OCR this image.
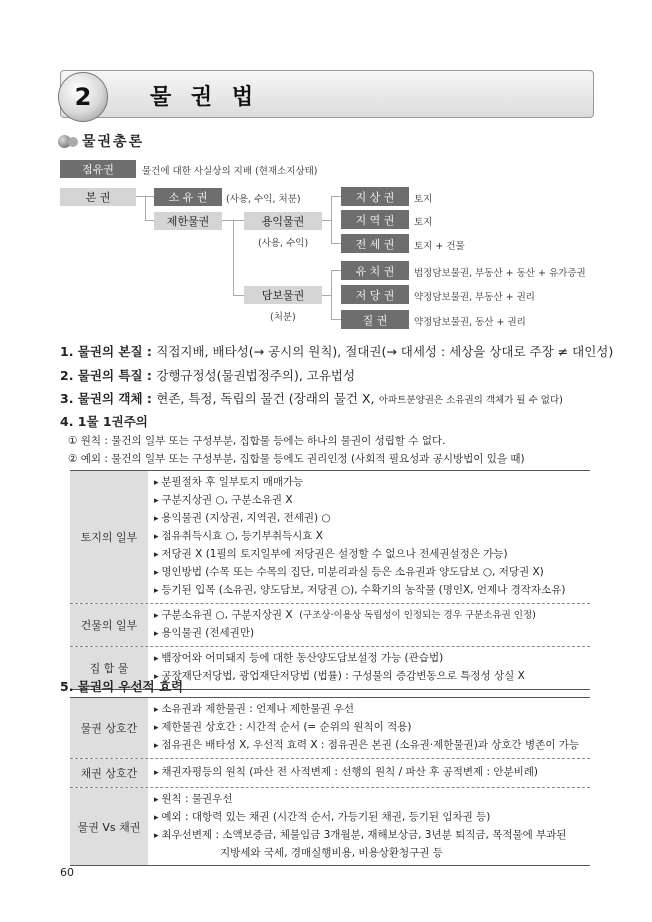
2	물 권 법
물권총론
점유권	물건에 대한 사실상의 지배 (현재소지상태)
본 권	소 유 권	(사용, 수익, 처분)
제한물권	용익물권
(사용, 수익)
담보물권
(처분)
지 상 권	토지
지 역 권	토지
전 세 권	토지 + 건물
유 치 권	법정담보물권, 부동산 + 동산 + 유가증권
저 당 권	약정담보물권, 부동산 + 권리
질 권	약정담보물권, 동산 + 권리
1. 물권의 본질 : 직접지배, 배타성(→ 공시의 원칙), 절대권(→ 대세성 : 세상을 상대로 주장 ≠ 대인성)
2. 물권의 특질 : 강행규정성(물권법정주의), 고유법성
3. 물권의 객체 : 현존, 특정, 독립의 물건 (장래의 물건 X, 아파트분양권은 소유권의 객체가 될 수 없다)
4. 1물 1권주의
① 원칙 : 물건의 일부 또는 구성부분, 집합물 등에는 하나의 물권이 성립할 수 없다.
② 예외 : 물건의 일부 또는 구성부분, 집합물 등에도 권리인정 (사회적 필요성과 공시방법이 있을 때)
토지의 일부
▸ 분필절차 후 일부토지 매매가능
▸ 구분지상권 ○, 구분소유권 X
▸ 용익물권 (지상권, 지역권, 전세권) ○
▸ 점유취득시효 ○, 등기부취득시효 X
▸ 저당권 X (1필의 토지일부에 저당권은 설정할 수 없으나 전세권설정은 가능)
▸ 명인방법 (수목 또는 수목의 집단, 미분리과실 등은 소유권과 양도담보 ○, 저당권 X)
▸ 등기된 입목 (소유권, 양도담보, 저당권 ○), 수확기의 농작물 (명인X, 언제나 경작자소유)
건물의 일부
▸ 구분소유권 ○, 구분지상권 X (구조상·이용상 독립성이 인정되는 경우 구분소유권 인정)
▸ 용익물권 (전세권만)
집 합 물
▸ 뱀장어와 어미돼지 등에 대한 동산양도담보설정 가능 (관습법)
▸ 공장재단저당법, 광업재단저당법 (법률) : 구성물의 증감변동으로 특정성 상실 X
5. 물권의 우선적 효력
물권 상호간
▸ 소유권과 제한물권 : 언제나 제한물권 우선
▸ 제한물권 상호간 : 시간적 순서 (= 순위의 원칙이 적용)
▸ 점유권은 배타성 X, 우선적 효력 X : 점유권은 본권 (소유권·제한물권)과 상호간 병존이 가능
채권 상호간
▸	채권자평등의 원칙 (파산 전 사적변제 : 선행의 원칙 / 파산 후 공적변제 : 안분비례)
물권 Vs 채권
▸ 원칙 : 물권우선
▸ 예외 : 대항력 있는 채권 (시간적 순서, 가등기된 채권, 등기된 임차권 등)
▸ 최우선변제 : 소액보증금, 체불임금 3개월분, 재해보상금, 3년분 퇴직금, 목적물에 부과된
지방세와 국세, 경매실행비용, 비용상환청구권 등
60
